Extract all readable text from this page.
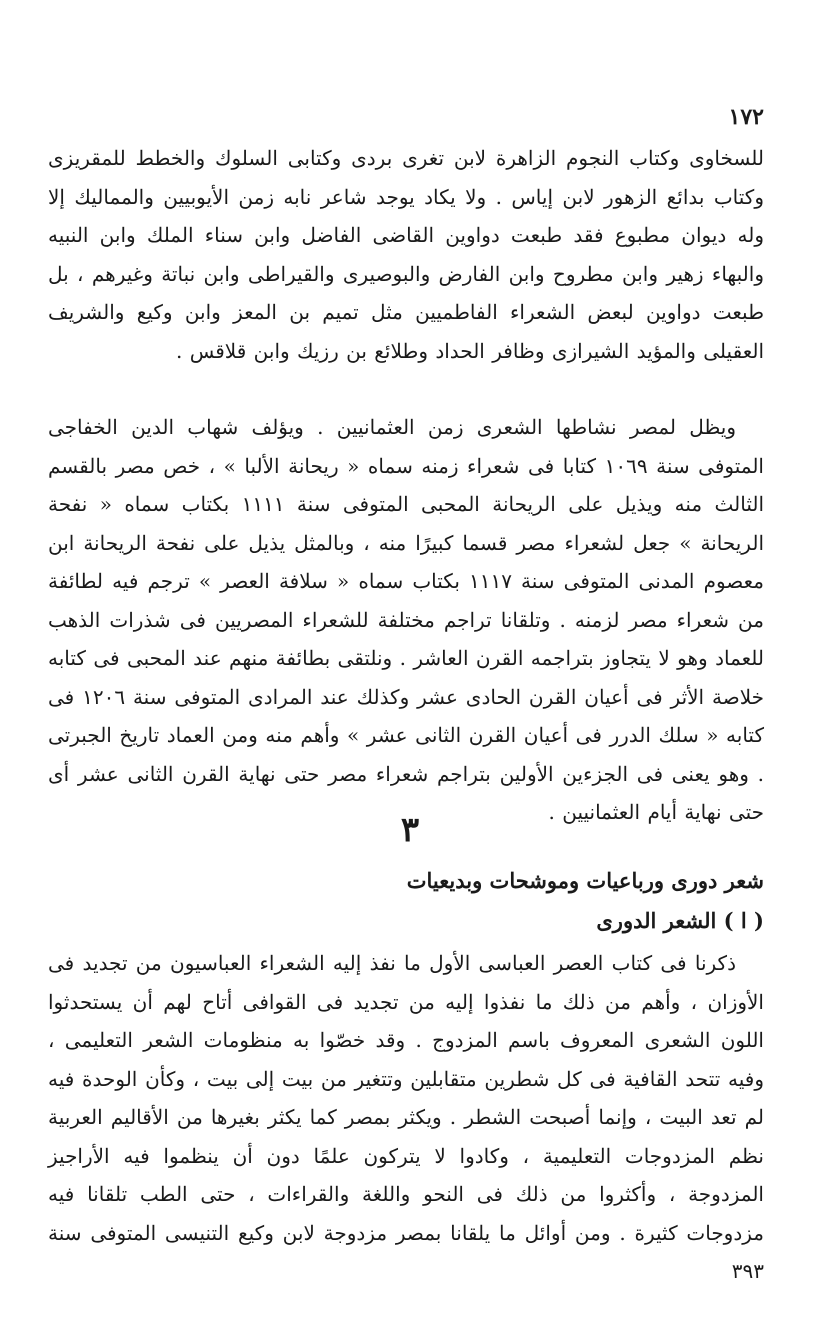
١٧٢

للسخاوى وكتاب النجوم الزاهرة لابن تغرى بردى وكتابى السلوك والخطط للمقريزى وكتاب بدائع الزهور لابن إياس . ولا يكاد يوجد شاعر نابه زمن الأيوبيين والمماليك إلا وله ديوان مطبوع فقد طبعت دواوين القاضى الفاضل وابن سناء الملك وابن النبيه والبهاء زهير وابن مطروح وابن الفارض والبوصيرى والقيراطى وابن نباتة وغيرهم ، بل طبعت دواوين لبعض الشعراء الفاطميين مثل تميم بن المعز وابن وكيع والشريف العقيلى والمؤيد الشيرازى وظافر الحداد وطلائع بن رزيك وابن قلاقس .

ويظل لمصر نشاطها الشعرى زمن العثمانيين . ويؤلف شهاب الدين الخفاجى المتوفى سنة ١٠٦٩ كتابا فى شعراء زمنه سماه « ريحانة الألبا » ، خص مصر بالقسم الثالث منه ويذيل على الريحانة المحبى المتوفى سنة ١١١١ بكتاب سماه « نفحة الريحانة » جعل لشعراء مصر قسما كبيرًا منه ، وبالمثل يذيل على نفحة الريحانة ابن معصوم المدنى المتوفى سنة ١١١٧ بكتاب سماه « سلافة العصر » ترجم فيه لطائفة من شعراء مصر لزمنه . وتلقانا تراجم مختلفة للشعراء المصريين فى شذرات الذهب للعماد وهو لا يتجاوز بتراجمه القرن العاشر . ونلتقى بطائفة منهم عند المحبى فى كتابه خلاصة الأثر فى أعيان القرن الحادى عشر وكذلك عند المرادى المتوفى سنة ١٢٠٦ فى كتابه « سلك الدرر فى أعيان القرن الثانى عشر » وأهم منه ومن العماد تاريخ الجبرتى . وهو يعنى فى الجزءين الأولين بتراجم شعراء مصر حتى نهاية القرن الثانى عشر أى حتى نهاية أيام العثمانيين .

٣
شعر دورى ورباعيات وموشحات وبديعيات
( ا ) الشعر الدورى

ذكرنا فى كتاب العصر العباسى الأول ما نفذ إليه الشعراء العباسيون من تجديد فى الأوزان ، وأهم من ذلك ما نفذوا إليه من تجديد فى القوافى أتاح لهم أن يستحدثوا اللون الشعرى المعروف باسم المزدوج . وقد خصّوا به منظومات الشعر التعليمى ، وفيه تتحد القافية فى كل شطرين متقابلين وتتغير من بيت إلى بيت ، وكأن الوحدة فيه لم تعد البيت ، وإنما أصبحت الشطر . ويكثر بمصر كما يكثر بغيرها من الأقاليم العربية نظم المزدوجات التعليمية ، وكادوا لا يتركون علمًا دون أن ينظموا فيه الأراجيز المزدوجة ، وأكثروا من ذلك فى النحو واللغة والقراءات ، حتى الطب تلقانا فيه مزدوجات كثيرة . ومن أوائل ما يلقانا بمصر مزدوجة لابن وكيع التنيسى المتوفى سنة ٣٩٣
